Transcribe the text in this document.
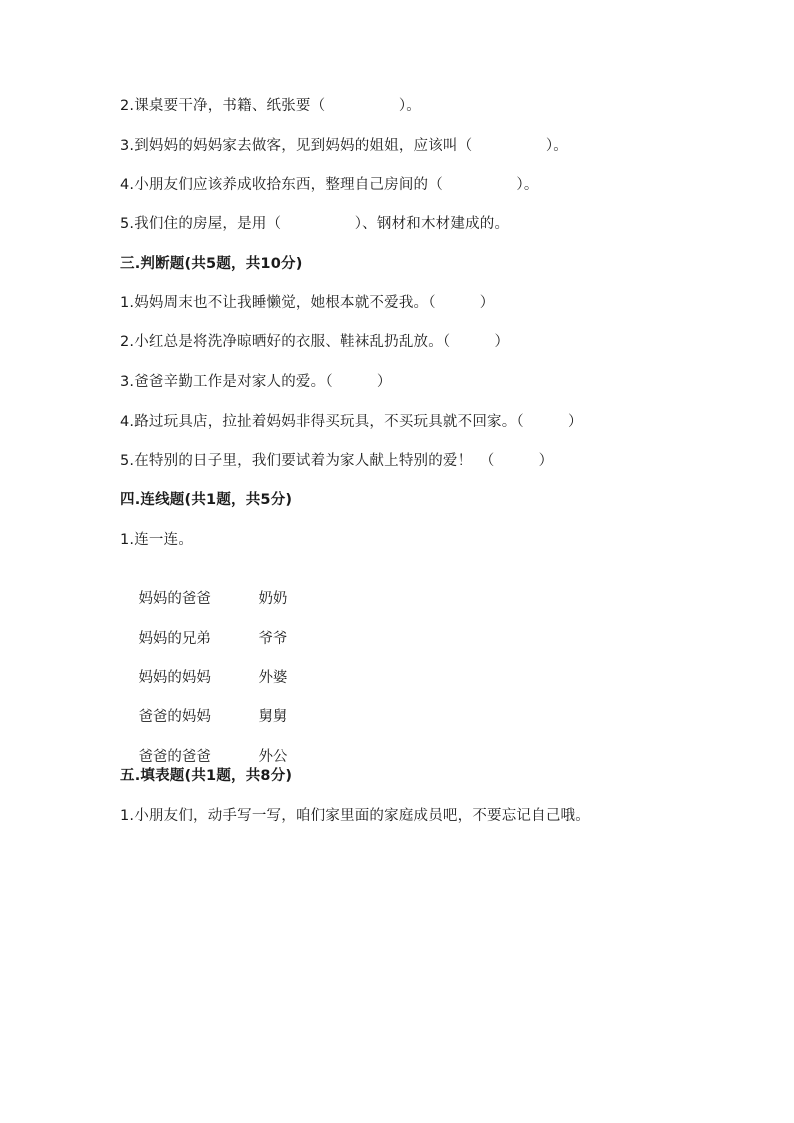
2.课桌要干净，书籍、纸张要（　　　　　）。
3.到妈妈的妈妈家去做客，见到妈妈的姐姐，应该叫（　　　　　）。
4.小朋友们应该养成收拾东西，整理自己房间的（　　　　　）。
5.我们住的房屋，是用（　　　　　）、钢材和木材建成的。
三.判断题(共5题，共10分)
1.妈妈周末也不让我睡懒觉，她根本就不爱我。（　　　）
2.小红总是将洗净晾晒好的衣服、鞋袜乱扔乱放。（　　　）
3.爸爸辛勤工作是对家人的爱。（　　　）
4.路过玩具店，拉扯着妈妈非得买玩具，不买玩具就不回家。（　　　）
5.在特别的日子里，我们要试着为家人献上特别的爱！　（　　　）
四.连线题(共1题，共5分)
1.连一连。

妈妈的爸爸	奶奶

妈妈的兄弟	爷爷

妈妈的妈妈	外婆

爸爸的妈妈	舅舅

爸爸的爸爸	外公

五.填表题(共1题，共8分)
1.小朋友们，动手写一写，咱们家里面的家庭成员吧，不要忘记自己哦。
